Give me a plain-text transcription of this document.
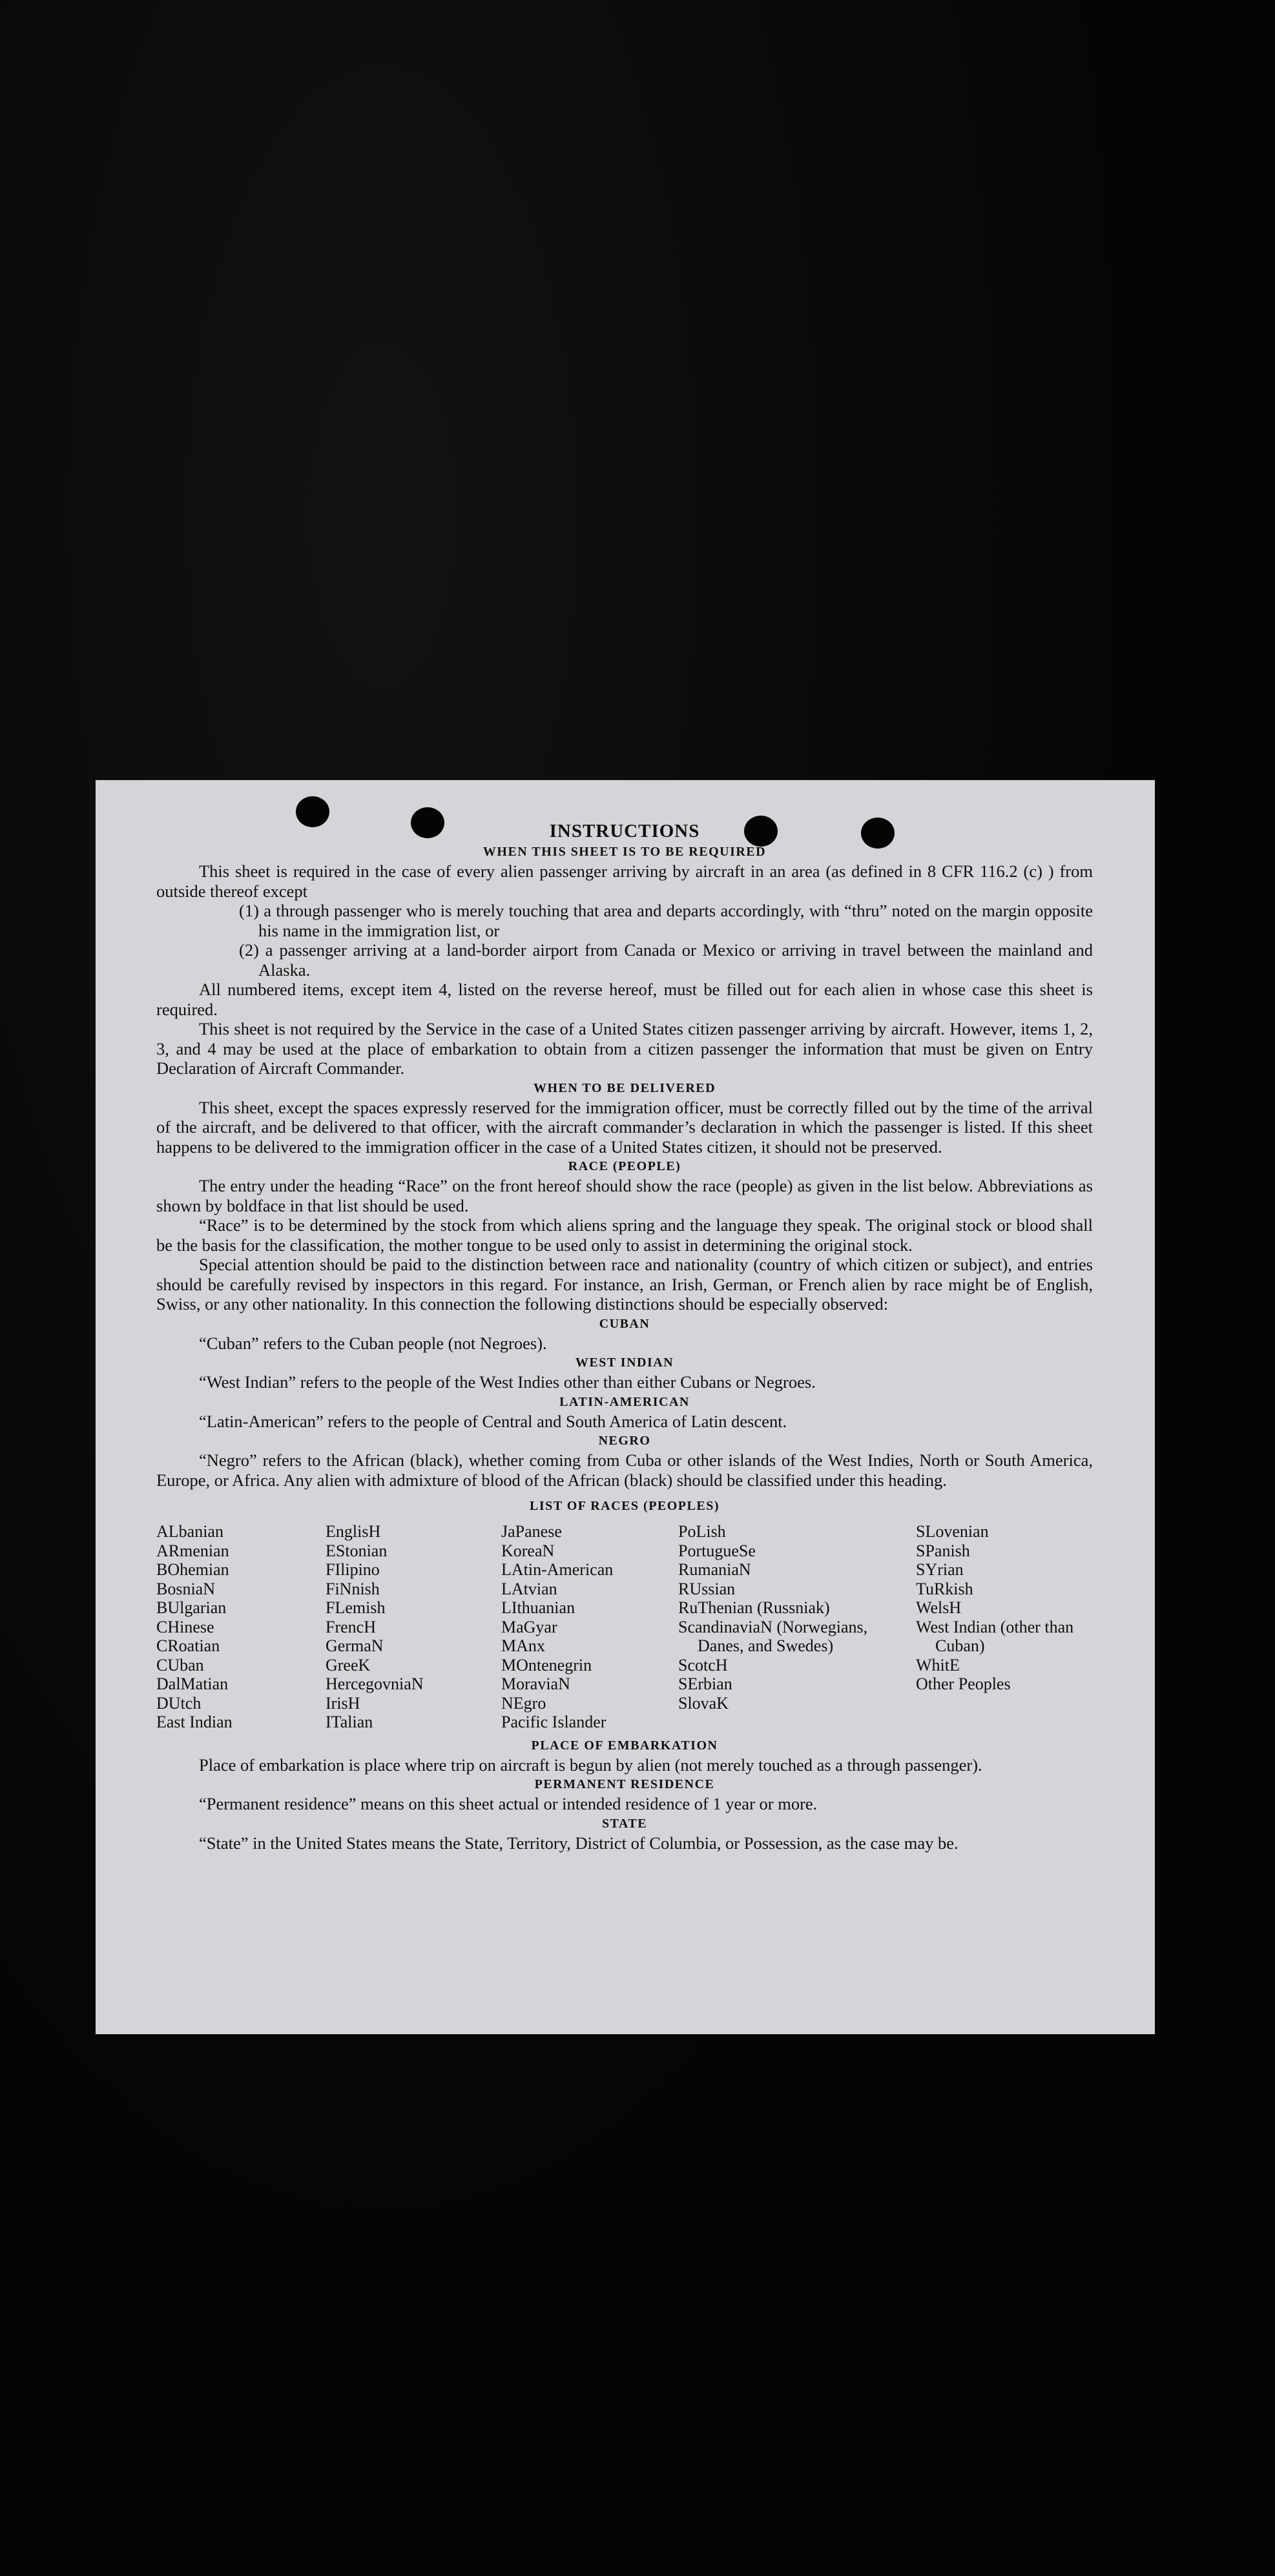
INSTRUCTIONS
WHEN THIS SHEET IS TO BE REQUIRED

This sheet is required in the case of every alien passenger arriving by aircraft in an area (as defined in 8 CFR 116.2 (c) ) from outside thereof except

(1) a through passenger who is merely touching that area and departs accordingly, with “thru” noted on the margin opposite his name in the immigration list, or

(2) a passenger arriving at a land-border airport from Canada or Mexico or arriving in travel between the mainland and Alaska.

All numbered items, except item 4, listed on the reverse hereof, must be filled out for each alien in whose case this sheet is required.

This sheet is not required by the Service in the case of a United States citizen passenger arriving by aircraft. However, items 1, 2, 3, and 4 may be used at the place of embarkation to obtain from a citizen passenger the information that must be given on Entry Declaration of Aircraft Commander.

WHEN TO BE DELIVERED

This sheet, except the spaces expressly reserved for the immigration officer, must be correctly filled out by the time of the arrival of the aircraft, and be delivered to that officer, with the aircraft commander’s declaration in which the passenger is listed. If this sheet happens to be delivered to the immigration officer in the case of a United States citizen, it should not be preserved.

RACE (PEOPLE)

The entry under the heading “Race” on the front hereof should show the race (people) as given in the list below. Abbreviations as shown by boldface in that list should be used.

“Race” is to be determined by the stock from which aliens spring and the language they speak. The original stock or blood shall be the basis for the classification, the mother tongue to be used only to assist in determining the original stock.

Special attention should be paid to the distinction between race and nationality (country of which citizen or subject), and entries should be carefully revised by inspectors in this regard. For instance, an Irish, German, or French alien by race might be of English, Swiss, or any other nationality. In this connection the following distinctions should be especially observed:

CUBAN

“Cuban” refers to the Cuban people (not Negroes).

WEST INDIAN

“West Indian” refers to the people of the West Indies other than either Cubans or Negroes.

LATIN-AMERICAN

“Latin-American” refers to the people of Central and South America of Latin descent.

NEGRO

“Negro” refers to the African (black), whether coming from Cuba or other islands of the West Indies, North or South America, Europe, or Africa. Any alien with admixture of blood of the African (black) should be classified under this heading.

LIST OF RACES (PEOPLES)
ALbanian
ARmenian
BOhemian
BosniaN
BUlgarian
CHinese
CRoatian
CUban
DalMatian
DUtch
East Indian
EnglisH
EStonian
FIlipino
FiNnish
FLemish
FrencH
GermaN
GreeK
HercegovniaN
IrisH
ITalian
JaPanese
KoreaN
LAtin-American
LAtvian
LIthuanian
MaGyar
MAnx
MOntenegrin
MoraviaN
NEgro
Pacific Islander
PoLish
PortugueSe
RumaniaN
RUssian
RuThenian (Russniak)
ScandinaviaN (Norwegians, Danes, and Swedes)
ScotcH
SErbian
SlovaK
SLovenian
SPanish
SYrian
TuRkish
WelsH
West Indian (other than Cuban)
WhitE
Other Peoples
PLACE OF EMBARKATION

Place of embarkation is place where trip on aircraft is begun by alien (not merely touched as a through passenger).

PERMANENT RESIDENCE

“Permanent residence” means on this sheet actual or intended residence of 1 year or more.

STATE

“State” in the United States means the State, Territory, District of Columbia, or Possession, as the case may be.
